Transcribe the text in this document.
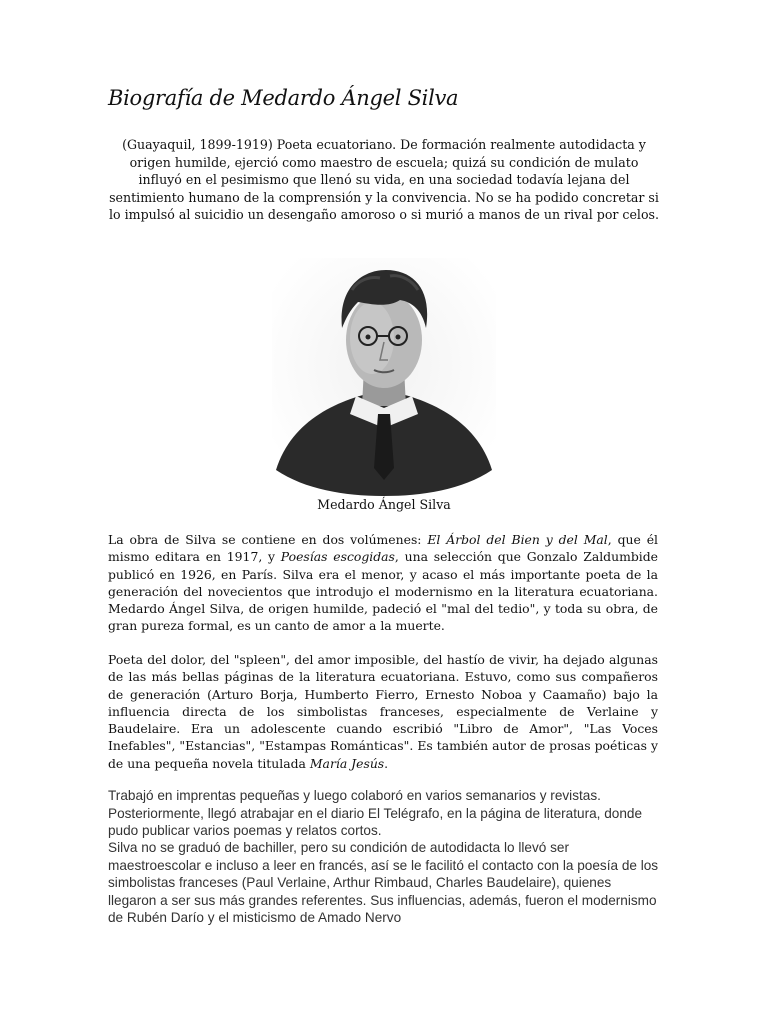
Biografía de Medardo Ángel Silva
(Guayaquil, 1899-1919) Poeta ecuatoriano. De formación realmente autodidacta y origen humilde, ejerció como maestro de escuela; quizá su condición de mulato influyó en el pesimismo que llenó su vida, en una sociedad todavía lejana del sentimiento humano de la comprensión y la convivencia. No se ha podido concretar si lo impulsó al suicidio un desengaño amoroso o si murió a manos de un rival por celos.
Medardo Ángel Silva

La obra de Silva se contiene en dos volúmenes: El Árbol del Bien y del Mal, que él mismo editara en 1917, y Poesías escogidas, una selección que Gonzalo Zaldumbide publicó en 1926, en París. Silva era el menor, y acaso el más importante poeta de la generación del novecientos que introdujo el modernismo en la literatura ecuatoriana. Medardo Ángel Silva, de origen humilde, padeció el "mal del tedio", y toda su obra, de gran pureza formal, es un canto de amor a la muerte.

Poeta del dolor, del "spleen", del amor imposible, del hastío de vivir, ha dejado algunas de las más bellas páginas de la literatura ecuatoriana. Estuvo, como sus compañeros de generación (Arturo Borja, Humberto Fierro, Ernesto Noboa y Caamaño) bajo la influencia directa de los simbolistas franceses, especialmente de Verlaine y Baudelaire. Era un adolescente cuando escribió "Libro de Amor", "Las Voces Inefables", "Estancias", "Estampas Románticas". Es también autor de prosas poéticas y de una pequeña novela titulada María Jesús.

Trabajó en imprentas pequeñas y luego colaboró en varios semanarios y revistas. Posteriormente, llegó atrabajar en el diario El Telégrafo, en la página de literatura, donde pudo publicar varios poemas y relatos cortos.
Silva no se graduó de bachiller, pero su condición de autodidacta lo llevó ser maestroescolar e incluso a leer en francés, así se le facilitó el contacto con la poesía de los simbolistas franceses (Paul Verlaine, Arthur Rimbaud, Charles Baudelaire), quienes llegaron a ser sus más grandes referentes. Sus influencias, además, fueron el modernismo de Rubén Darío y el misticismo de Amado Nervo
